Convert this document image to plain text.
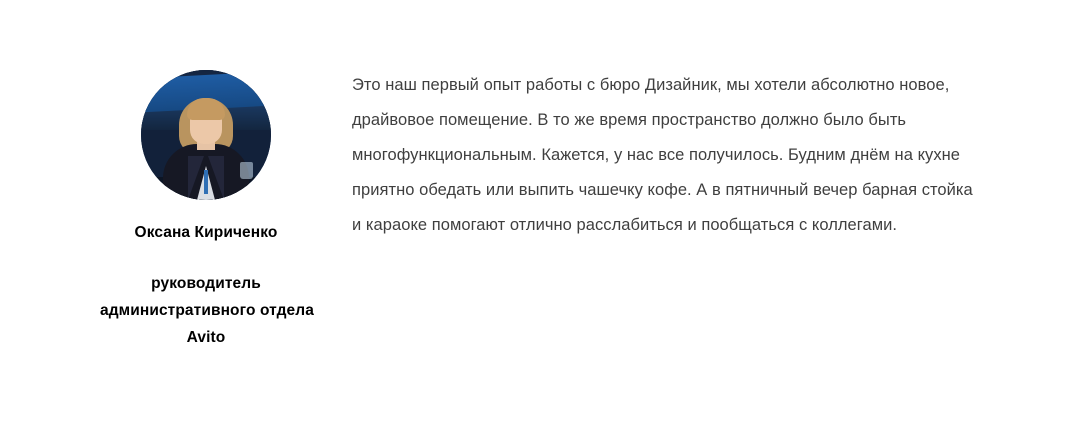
Оксана Кириченко
руководитель
административного отдела
Avito
Это наш первый опыт работы с бюро Дизайник, мы хотели абсолютно новое, драйвовое помещение. В то же время пространство должно было быть многофункциональным. Кажется, у нас все получилось. Будним днём на кухне приятно обедать или выпить чашечку кофе. А в пятничный вечер барная стойка и караоке помогают отлично расслабиться и пообщаться с коллегами.
